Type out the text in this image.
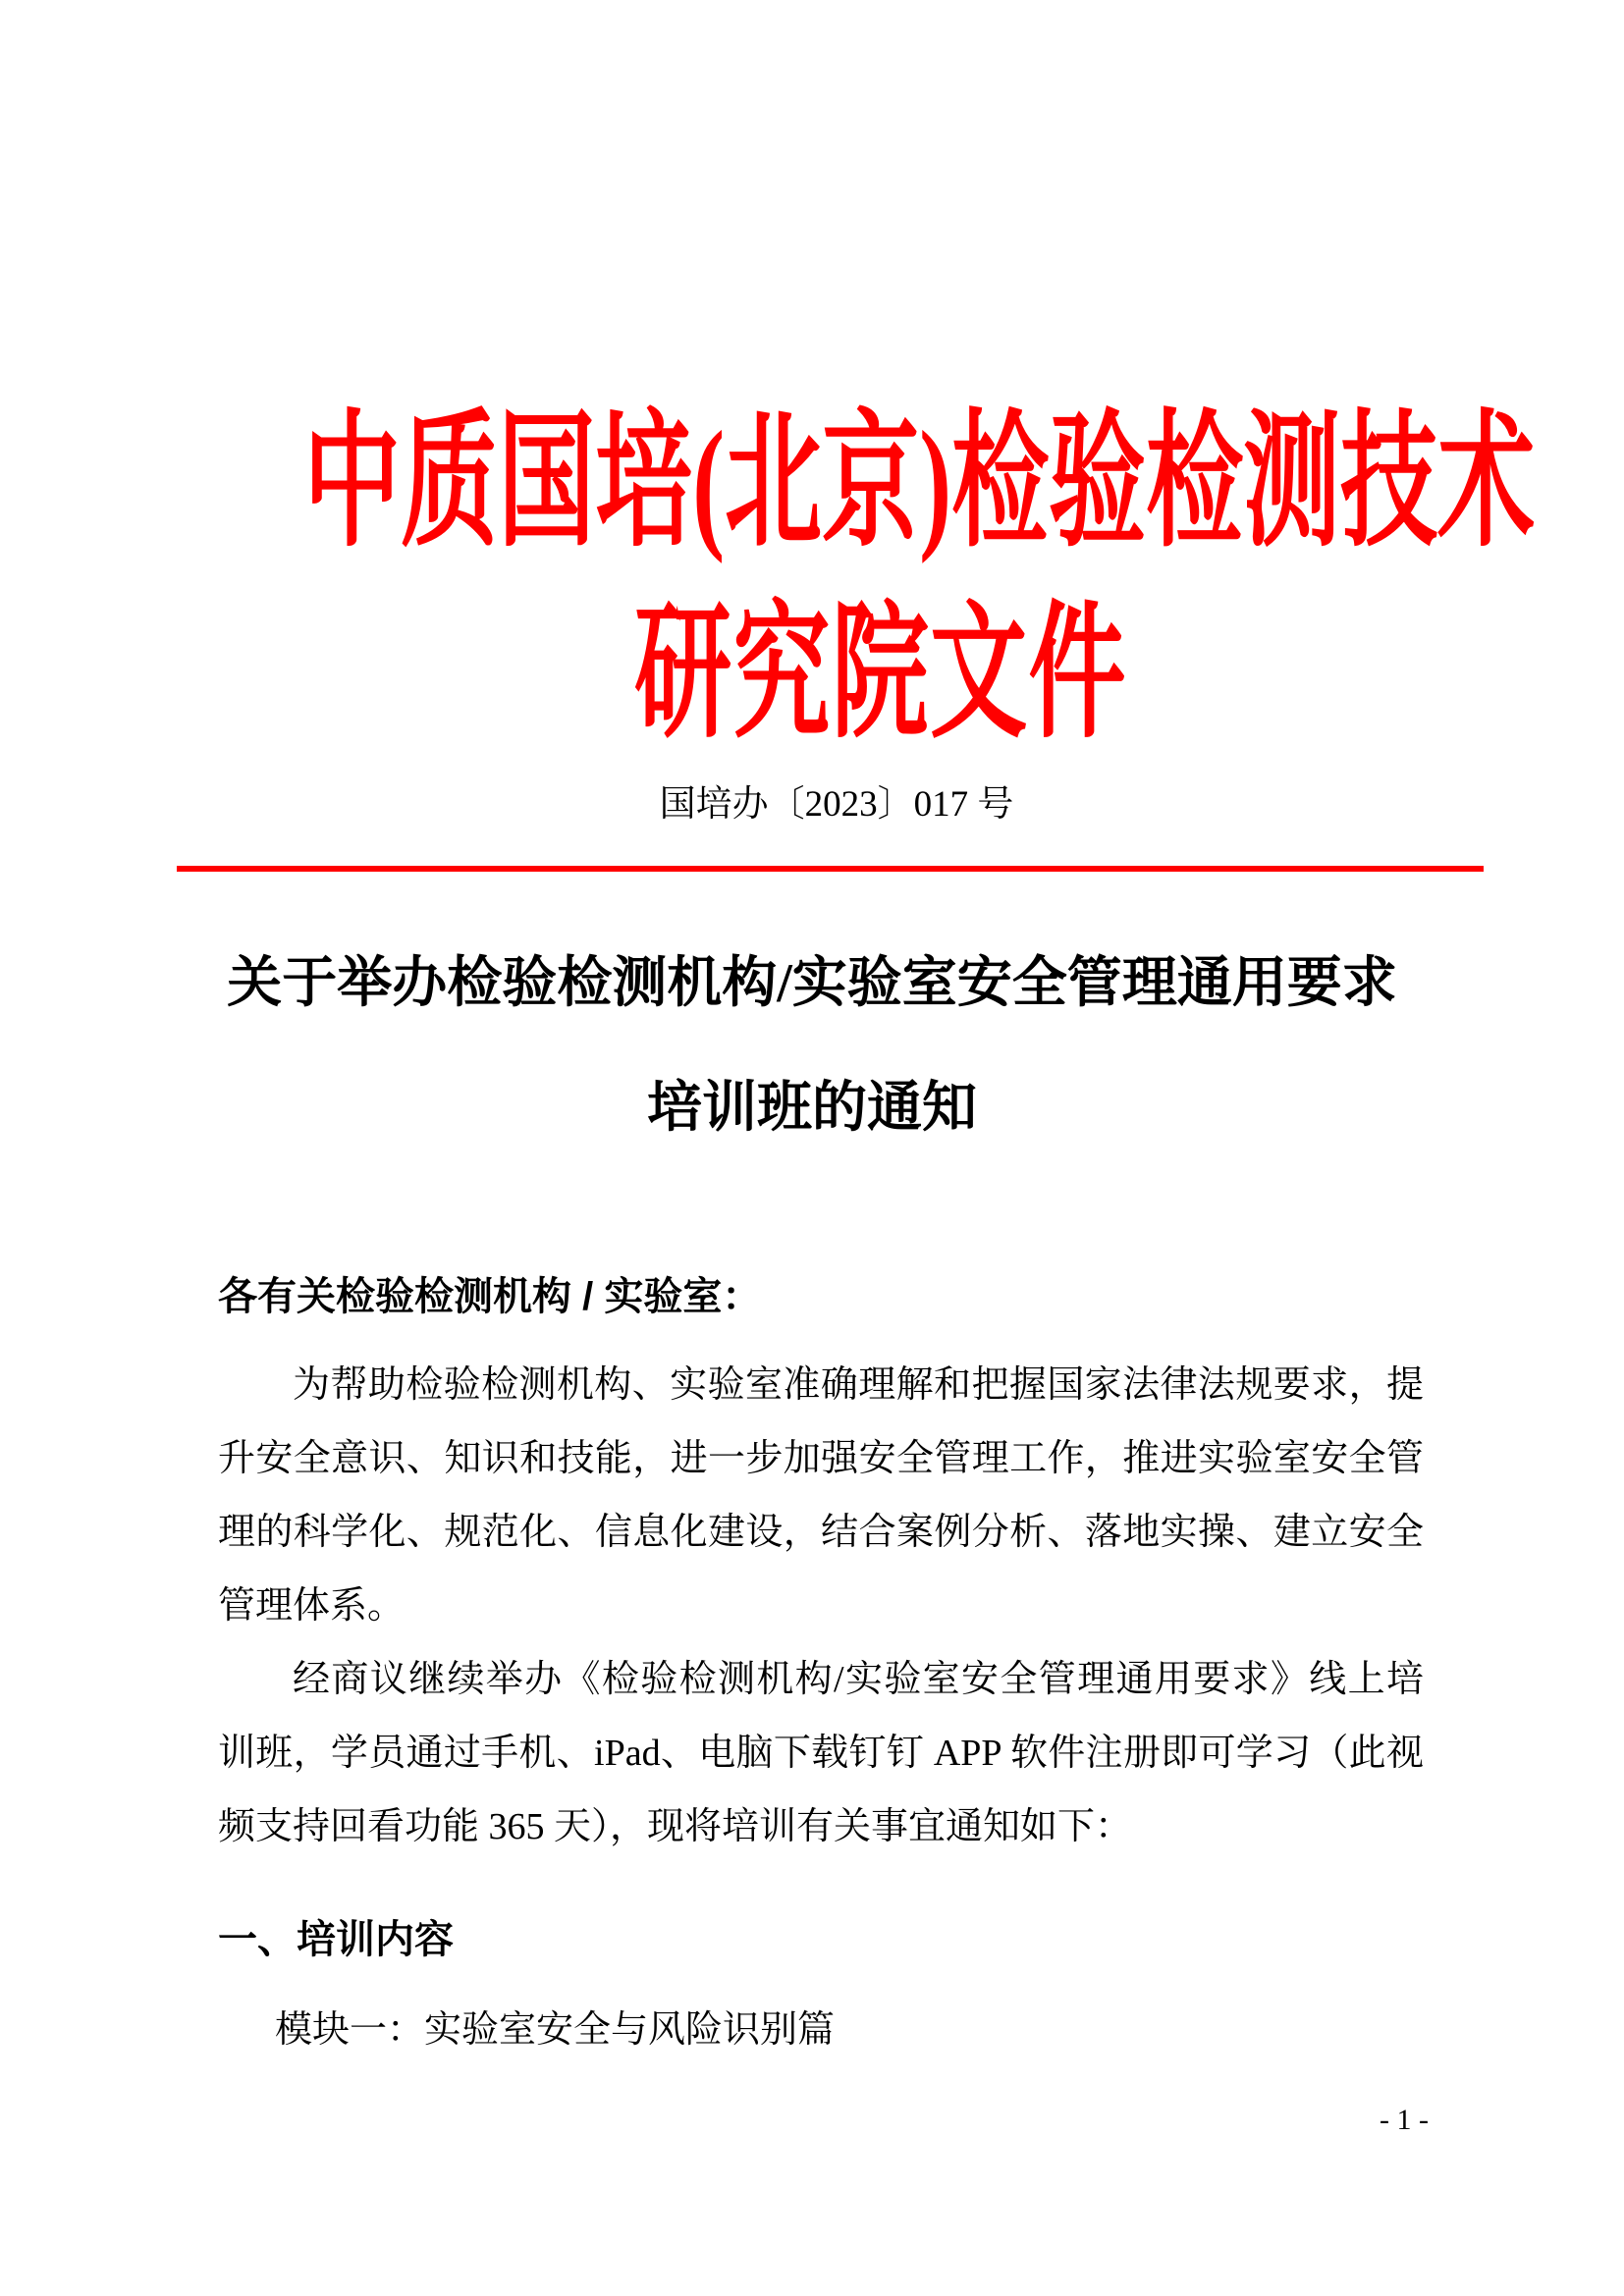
中质国培(北京)检验检测技术
研究院文件
国培办〔2023〕017 号
关于举办检验检测机构/实验室安全管理通用要求
培训班的通知
各有关检验检测机构 / 实验室：
为帮助检验检测机构、实验室准确理解和把握国家法律法规要求，提
升安全意识、知识和技能，进一步加强安全管理工作，推进实验室安全管
理的科学化、规范化、信息化建设，结合案例分析、落地实操、建立安全
管理体系。
经商议继续举办《检验检测机构/实验室安全管理通用要求》线上培
训班，学员通过手机、iPad、电脑下载钉钉 APP 软件注册即可学习（此视
频支持回看功能 365 天），现将培训有关事宜通知如下：
一、培训内容
模块一：实验室安全与风险识别篇
- 1 -
